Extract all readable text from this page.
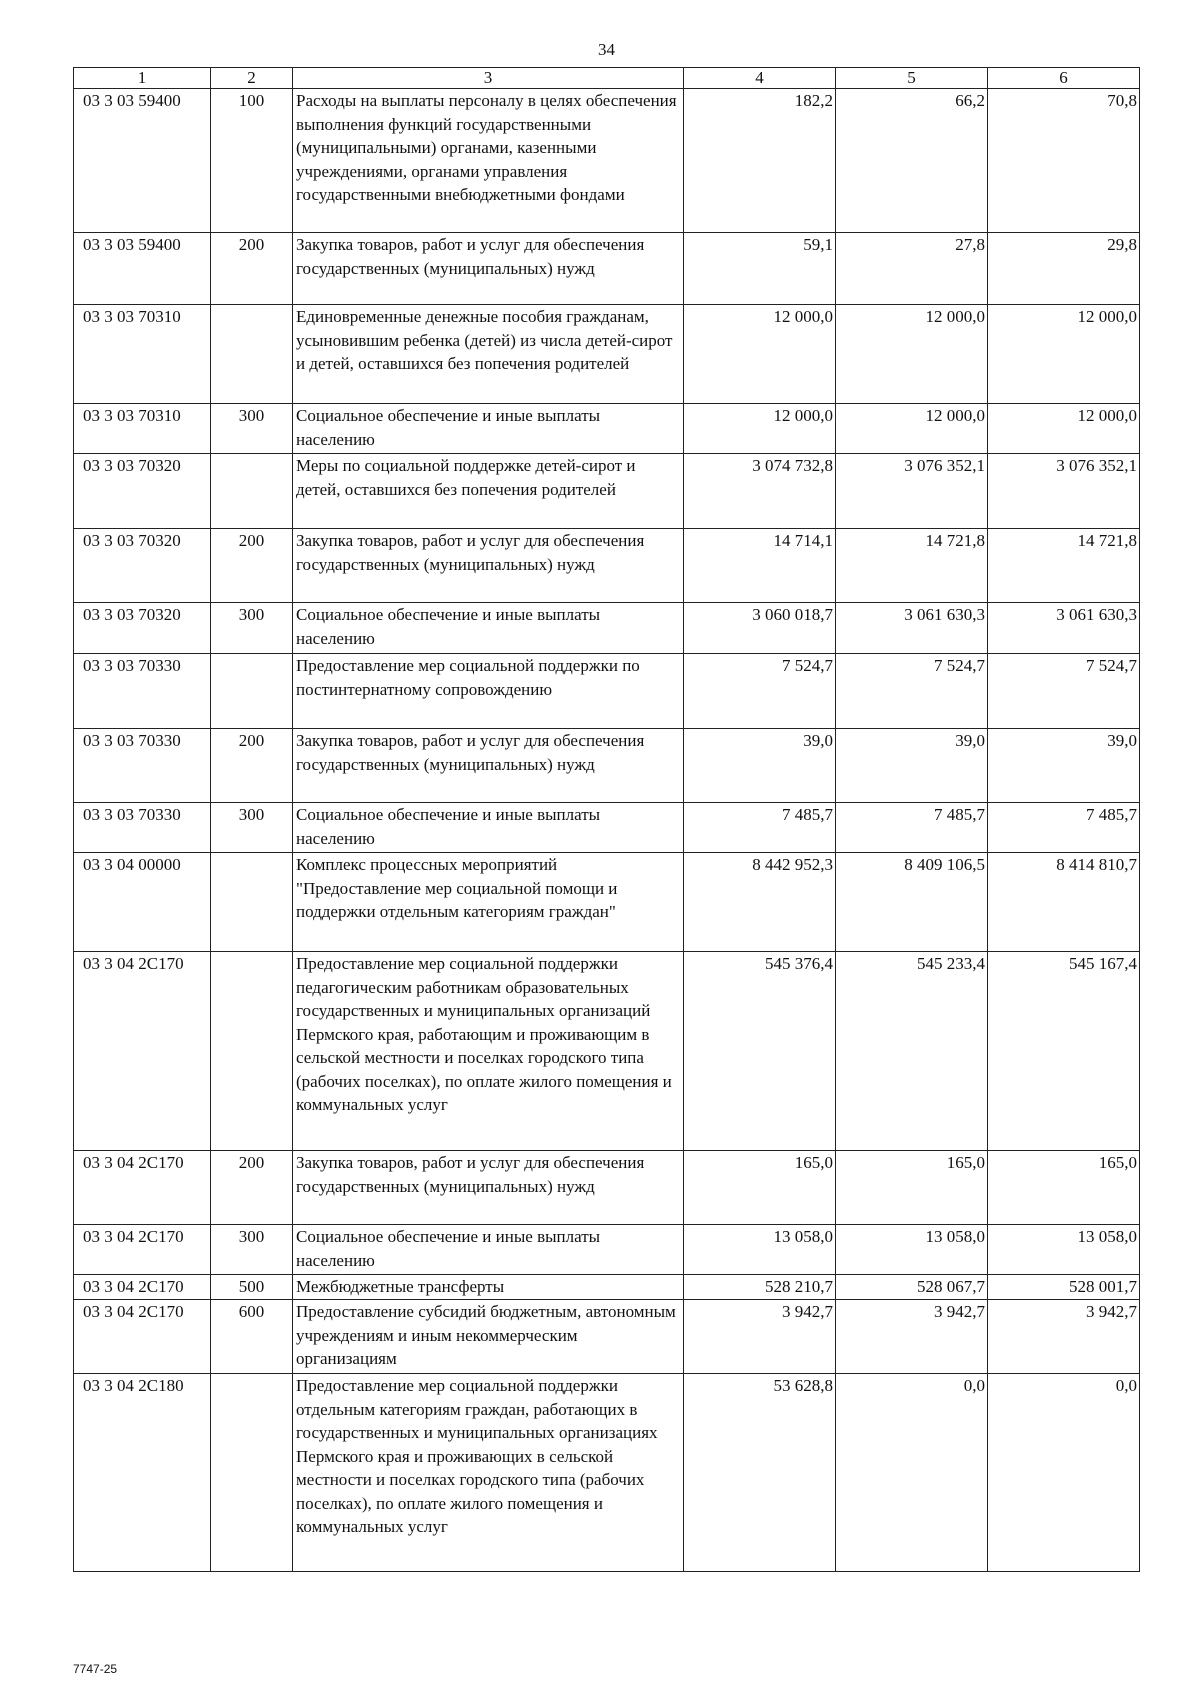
34
1	2	3	4	5	6
03 3 03 59400	100	Расходы на выплаты персоналу в целях обеспечения выполнения функций государственными (муниципальными) органами, казенными учреждениями, органами управления государственными внебюджетными фондами	182,2	66,2	70,8
03 3 03 59400	200	Закупка товаров, работ и услуг для обеспечения государственных (муниципальных) нужд	59,1	27,8	29,8
03 3 03 70310		Единовременные денежные пособия гражданам, усыновившим ребенка (детей) из числа детей-сирот и детей, оставшихся без попечения родителей	12 000,0	12 000,0	12 000,0
03 3 03 70310	300	Социальное обеспечение и иные выплаты населению	12 000,0	12 000,0	12 000,0
03 3 03 70320		Меры по социальной поддержке детей-сирот и детей, оставшихся без попечения родителей	3 074 732,8	3 076 352,1	3 076 352,1
03 3 03 70320	200	Закупка товаров, работ и услуг для обеспечения государственных (муниципальных) нужд	14 714,1	14 721,8	14 721,8
03 3 03 70320	300	Социальное обеспечение и иные выплаты населению	3 060 018,7	3 061 630,3	3 061 630,3
03 3 03 70330		Предоставление мер социальной поддержки по постинтернатному сопровождению	7 524,7	7 524,7	7 524,7
03 3 03 70330	200	Закупка товаров, работ и услуг для обеспечения государственных (муниципальных) нужд	39,0	39,0	39,0
03 3 03 70330	300	Социальное обеспечение и иные выплаты населению	7 485,7	7 485,7	7 485,7
03 3 04 00000		Комплекс процессных мероприятий "Предоставление мер социальной помощи и поддержки отдельным категориям граждан"	8 442 952,3	8 409 106,5	8 414 810,7
03 3 04 2С170		Предоставление мер социальной поддержки педагогическим работникам образовательных государственных и муниципальных организаций Пермского края, работающим и проживающим в сельской местности и поселках городского типа (рабочих поселках), по оплате жилого помещения и коммунальных услуг	545 376,4	545 233,4	545 167,4
03 3 04 2С170	200	Закупка товаров, работ и услуг для обеспечения государственных (муниципальных) нужд	165,0	165,0	165,0
03 3 04 2С170	300	Социальное обеспечение и иные выплаты населению	13 058,0	13 058,0	13 058,0
03 3 04 2С170	500	Межбюджетные трансферты	528 210,7	528 067,7	528 001,7
03 3 04 2С170	600	Предоставление субсидий бюджетным, автономным учреждениям и иным некоммерческим организациям	3 942,7	3 942,7	3 942,7
03 3 04 2С180		Предоставление мер социальной поддержки отдельным категориям граждан, работающих в государственных и муниципальных организациях Пермского края и проживающих в сельской местности и поселках городского типа (рабочих поселках), по оплате жилого помещения и коммунальных услуг	53 628,8	0,0	0,0
7747-25
